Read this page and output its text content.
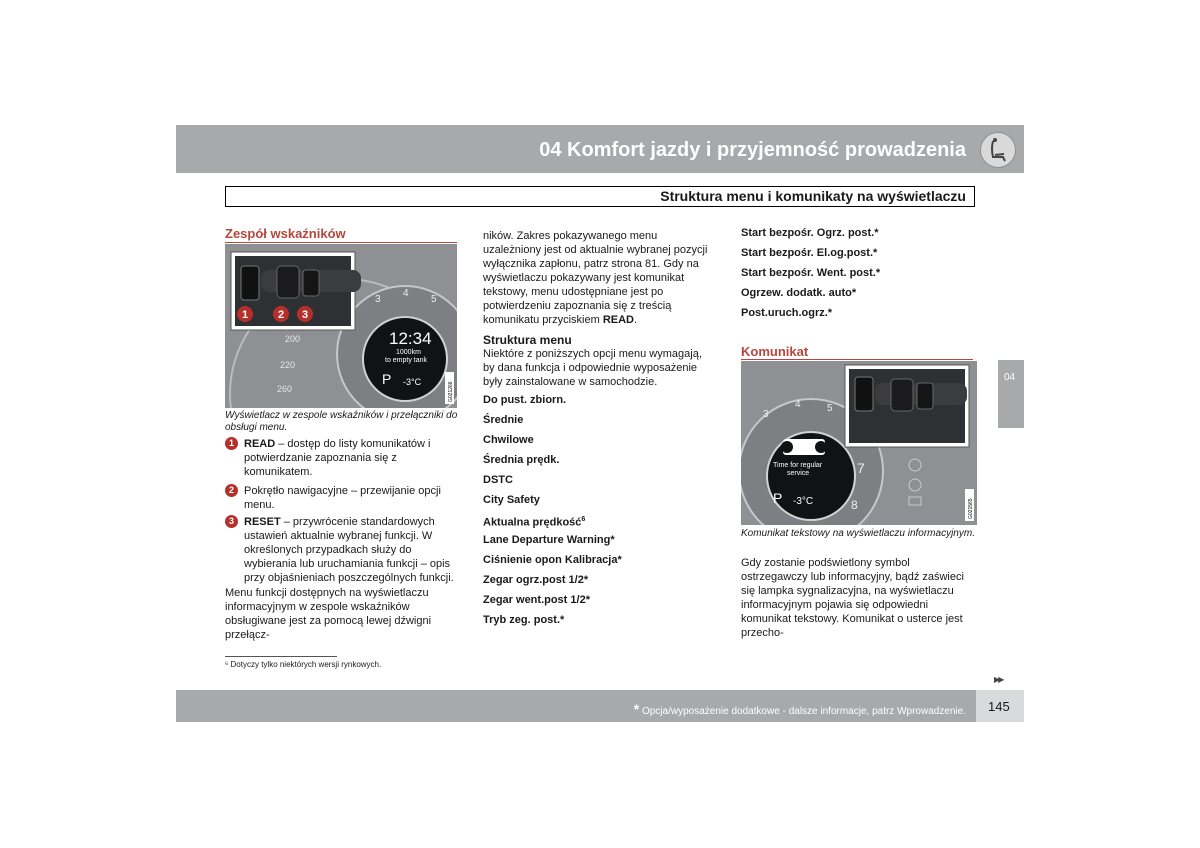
04 Komfort jazdy i przyjemność prowadzenia
Struktura menu i komunikaty na wyświetlaczu
04
Zespół wskaźników
200
220
260
3
4
5
12:34
1000km
to empty tank
P -3°C
1	2 3
G021266
Wyświetlacz w zespole wskaźników i przełączniki do obsługi menu.
1 READ – dostęp do listy komunikatów i potwierdzanie zapoznania się z komunikatem.
2 Pokrętło nawigacyjne – przewijanie opcji menu.
3 RESET – przywrócenie standardowych ustawień aktualnie wybranej funkcji. W określonych przypadkach służy do wybierania lub uruchamiania funkcji – opis przy objaśnieniach poszczególnych funkcji.
Menu funkcji dostępnych na wyświetlaczu informacyjnym w zespole wskaźników obsługiwane jest za pomocą lewej dźwigni przełącz-
ników. Zakres pokazywanego menu uzależniony jest od aktualnie wybranej pozycji wyłącznika zapłonu, patrz strona 81. Gdy na wyświetlaczu pokazywany jest komunikat tekstowy, menu udostępniane jest po potwierdzeniu zapoznania się z treścią komunikatu przyciskiem READ.
Struktura menu
Niektóre z poniższych opcji menu wymagają, by dana funkcja i odpowiednie wyposażenie były zainstalowane w samochodzie.
Do pust. zbiorn.
Średnie
Chwilowe
Średnia prędk.
DSTC
City Safety
Aktualna prędkość$^6$
Lane Departure Warning*
Ciśnienie opon Kalibracja*
Zegar ogrz.post 1/2*
Zegar went.post 1/2*
Tryb zeg. post.*
Start bezpośr. Ogrz. post.*
Start bezpośr. El.og.post.*
Start bezpośr. Went. post.*
Ogrzew. dodatk. auto*
Post.uruch.ogrz.*
Komunikat
3
4	5
7
8
Time for regular
service
P -3°C	G021565
Komunikat tekstowy na wyświetlaczu informacyjnym.
Gdy zostanie podświetlony symbol ostrzegawczy lub informacyjny, bądź zaświeci się lampka sygnalizacyjna, na wyświetlaczu informacyjnym pojawia się odpowiedni komunikat tekstowy. Komunikat o usterce jest przecho-
⁶ Dotyczy tylko niektórych wersji rynkowych.
▶▶
* Opcja/wyposażenie dodatkowe - dalsze informacje, patrz Wprowadzenie. 145
